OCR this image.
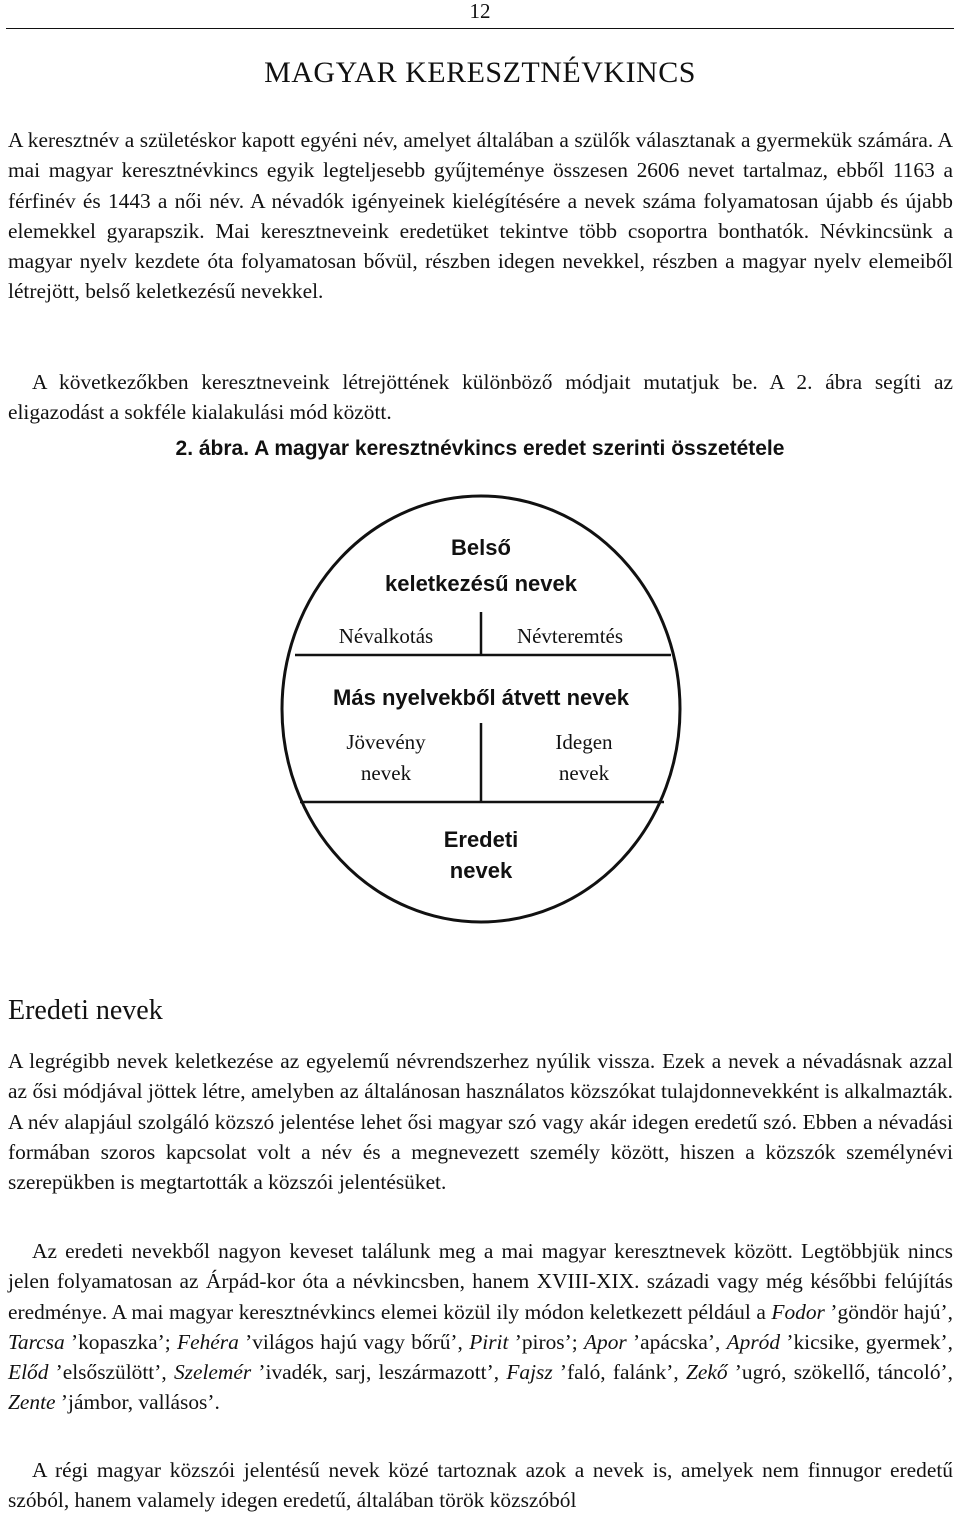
12
MAGYAR KERESZTNÉVKINCS

A keresztnév a születéskor kapott egyéni név, amelyet általában a szülők választanak a gyermekük számára. A mai magyar keresztnévkincs egyik legteljesebb gyűjteménye összesen 2606 nevet tartalmaz, ebből 1163 a férfinév és 1443 a női név. A névadók igényeinek kielégítésére a nevek száma folyamatosan újabb és újabb elemekkel gyarapszik. Mai keresztneveink eredetüket tekintve több csoportra bonthatók. Névkincsünk a magyar nyelv kezdete óta folyamatosan bővül, részben idegen nevekkel, részben a magyar nyelv elemeiből létrejött, belső keletkezésű nevekkel.

A következőkben keresztneveink létrejöttének különböző módjait mutatjuk be. A 2. ábra segíti az eligazodást a sokféle kialakulási mód között.

2. ábra. A magyar keresztnévkincs eredet szerinti összetétele
Belső
keletkezésű nevek
Névalkotás	Névteremtés
Más nyelvekből átvett nevek
Jövevény
nevek
Idegen
nevek
Eredeti
nevek
Eredeti nevek

A legrégibb nevek keletkezése az egyelemű névrendszerhez nyúlik vissza. Ezek a nevek a névadásnak azzal az ősi módjával jöttek létre, amelyben az általánosan használatos közszókat tulajdonnevekként is alkalmazták. A név alapjául szolgáló közszó jelentése lehet ősi magyar szó vagy akár idegen eredetű szó. Ebben a névadási formában szoros kapcsolat volt a név és a megnevezett személy között, hiszen a közszók személynévi szerepükben is megtartották a közszói jelentésüket.

Az eredeti nevekből nagyon keveset találunk meg a mai magyar keresztnevek között. Legtöbbjük nincs jelen folyamatosan az Árpád-kor óta a névkincsben, hanem XVIII-XIX. századi vagy még későbbi felújítás eredménye. A mai magyar keresztnévkincs elemei közül ily módon keletkezett például a Fodor ’göndör hajú’, Tarcsa ’kopaszka’; Fehéra ’világos hajú vagy bőrű’, Pirit ’piros’; Apor ’apácska’, Apród ’kicsike, gyermek’, Előd ’elsőszülött’, Szelemér ’ivadék, sarj, leszármazott’, Fajsz ’faló, falánk’, Zekő ’ugró, szökellő, táncoló’, Zente ’jámbor, vallásos’.

A régi magyar közszói jelentésű nevek közé tartoznak azok a nevek is, amelyek nem finnugor eredetű szóból, hanem valamely idegen eredetű, általában török közszóból
